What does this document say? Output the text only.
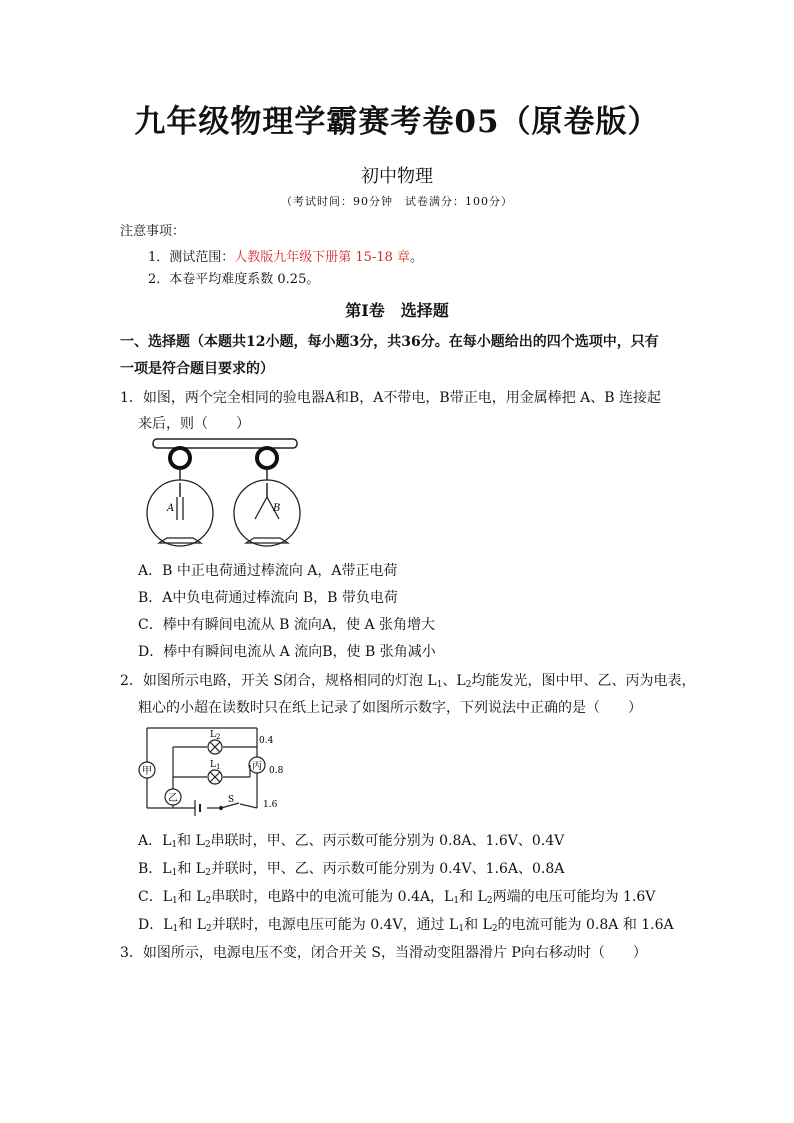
九年级物理学霸赛考卷05（原卷版）
初中物理
（考试时间：90分钟　试卷满分：100分）
注意事项：
1．测试范围：人教版九年级下册第 15-18 章。
2．本卷平均难度系数 0.25。
第Ⅰ卷　选择题
一、选择题（本题共12小题，每小题3分，共36分。在每小题给出的四个选项中，只有
一项是符合题目要求的）
1．如图，两个完全相同的验电器A和B，A不带电，B带正电，用金属棒把 A、B 连接起
来后，则（　　）
A	B
A．B 中正电荷通过棒流向 A，A带正电荷
B．A中负电荷通过棒流向 B，B 带负电荷
C．棒中有瞬间电流从 B 流向A，使 A 张角增大
D．棒中有瞬间电流从 A 流向B，使 B 张角减小
2．如图所示电路，开关 S闭合，规格相同的灯泡 $L_1$、$L_2$均能发光，图中甲、乙、丙为电表，
粗心的小超在读数时只在纸上记录了如图所示数字，下列说法中正确的是（　　）
甲
乙
丙
$L_2$
$L_1$
S
0.4
0.8
1.6
A．$L_1$和 $L_2$串联时，甲、乙、丙示数可能分别为 0.8A、1.6V、0.4V
B．$L_1$和 $L_2$并联时，甲、乙、丙示数可能分别为 0.4V、1.6A、0.8A
C．$L_1$和 $L_2$串联时，电路中的电流可能为 0.4A，$L_1$和 $L_2$两端的电压可能均为 1.6V
D．$L_1$和 $L_2$并联时，电源电压可能为 0.4V，通过 $L_1$和 $L_2$的电流可能为 0.8A 和 1.6A
3．如图所示，电源电压不变，闭合开关 S，当滑动变阻器滑片 P向右移动时（　　）
